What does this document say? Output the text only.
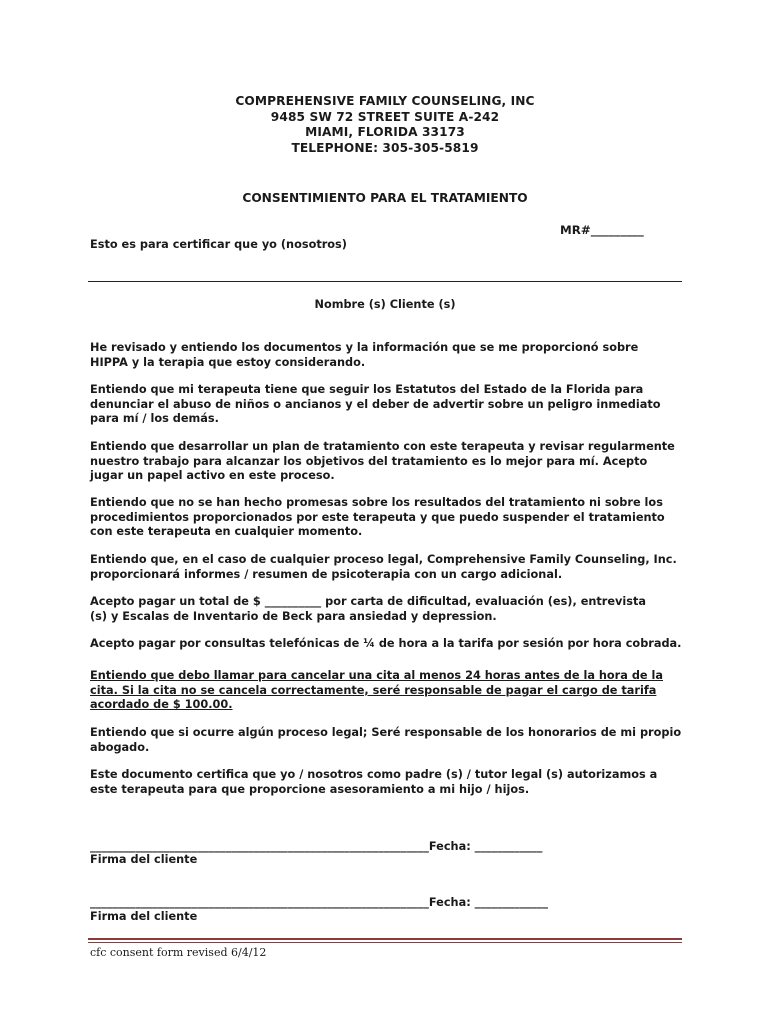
COMPREHENSIVE FAMILY COUNSELING, INC
9485 SW 72 STREET SUITE A-242
MIAMI, FLORIDA 33173
TELEPHONE: 305-305-5819
CONSENTIMIENTO PARA EL TRATAMIENTO
MR#_________
Esto es para certificar que yo (nosotros)
Nombre (s) Cliente (s)

He revisado y entiendo los documentos y la información que se me proporcionó sobre
HIPPA y la terapia que estoy considerando.

Entiendo que mi terapeuta tiene que seguir los Estatutos del Estado de la Florida para
denunciar el abuso de niños o ancianos y el deber de advertir sobre un peligro inmediato
para mí / los demás.

Entiendo que desarrollar un plan de tratamiento con este terapeuta y revisar regularmente
nuestro trabajo para alcanzar los objetivos del tratamiento es lo mejor para mí. Acepto
jugar un papel activo en este proceso.

Entiendo que no se han hecho promesas sobre los resultados del tratamiento ni sobre los
procedimientos proporcionados por este terapeuta y que puedo suspender el tratamiento
con este terapeuta en cualquier momento.

Entiendo que, en el caso de cualquier proceso legal, Comprehensive Family Counseling, Inc.
proporcionará informes / resumen de psicoterapia con un cargo adicional.

Acepto pagar un total de $ __________ por carta de dificultad, evaluación (es), entrevista
(s) y Escalas de Inventario de Beck para ansiedad y depression.

Acepto pagar por consultas telefónicas de ¼ de hora a la tarifa por sesión por hora cobrada.

Entiendo que debo llamar para cancelar una cita al menos 24 horas antes de la hora de la
cita. Si la cita no se cancela correctamente, seré responsable de pagar el cargo de tarifa
acordado de $ 100.00.

Entiendo que si ocurre algún proceso legal; Seré responsable de los honorarios de mi propio
abogado.

Este documento certifica que yo / nosotros como padre (s) / tutor legal (s) autorizamos a
este terapeuta para que proporcione asesoramiento a mi hijo / hijos.

____________________________________________________________Fecha: ____________
Firma del cliente
____________________________________________________________Fecha: _____________
Firma del cliente
cfc consent form revised 6/4/12
